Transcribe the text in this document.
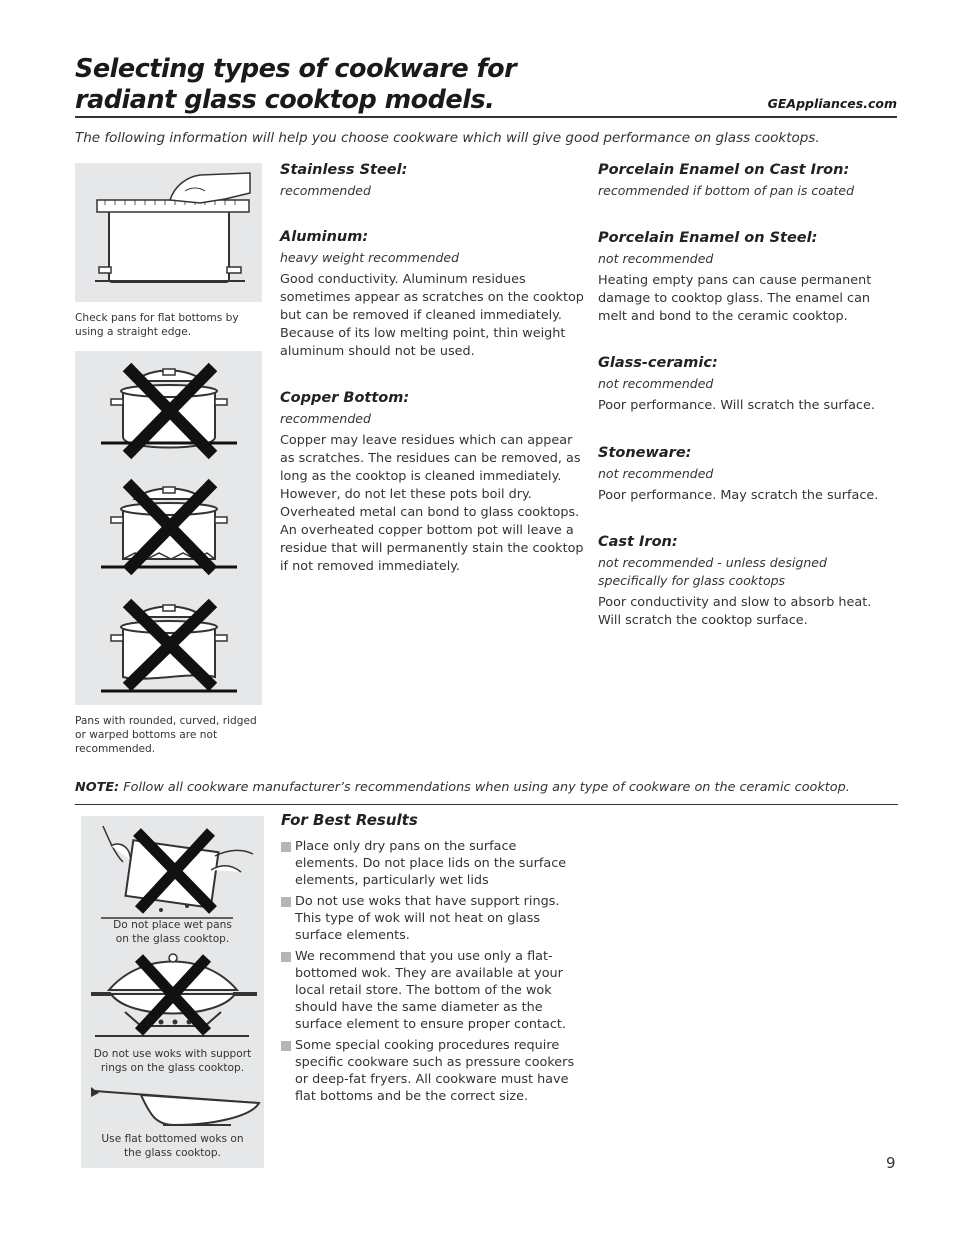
Selecting types of cookware for
radiant glass cooktop models.	GEAppliances.com
The following information will help you choose cookware which will give good performance on glass cooktops.
Check pans for flat bottoms by using a straight edge.
Pans with rounded, curved, ridged or warped bottoms are not recommended.
Stainless Steel:
recommended
Aluminum:
heavy weight recommended
Good conductivity. Aluminum residues sometimes appear as scratches on the cooktop but can be removed if cleaned immediately. Because of its low melting point, thin weight aluminum should not be used.
Copper Bottom:
recommended
Copper may leave residues which can appear as scratches. The residues can be removed, as long as the cooktop is cleaned immediately. However, do not let these pots boil dry. Overheated metal can bond to glass cooktops. An overheated copper bottom pot will leave a residue that will permanently stain the cooktop if not removed immediately.
Porcelain Enamel on Cast Iron:
recommended if bottom of pan is coated
Porcelain Enamel on Steel:
not recommended
Heating empty pans can cause permanent damage to cooktop glass. The enamel can melt and bond to the ceramic cooktop.
Glass-ceramic:
not recommended
Poor performance. Will scratch the surface.
Stoneware:
not recommended
Poor performance. May scratch the surface.
Cast Iron:
not recommended - unless designed specifically for glass cooktops
Poor conductivity and slow to absorb heat. Will scratch the cooktop surface.
NOTE: Follow all cookware manufacturer’s recommendations when using any type of cookware on the ceramic cooktop.
Do not place wet pans on the glass cooktop.
Do not use woks with support rings on the glass cooktop.
Use flat bottomed woks on the glass cooktop.
For Best Results
Place only dry pans on the surface elements. Do not place lids on the surface elements, particularly wet lids
Do not use woks that have support rings. This type of wok will not heat on glass surface elements.
We recommend that you use only a flat-bottomed wok. They are available at your local retail store. The bottom of the wok should have the same diameter as the surface element to ensure proper contact.
Some special cooking procedures require specific cookware such as pressure cookers or deep-fat fryers. All cookware must have flat bottoms and be the correct size.
9
